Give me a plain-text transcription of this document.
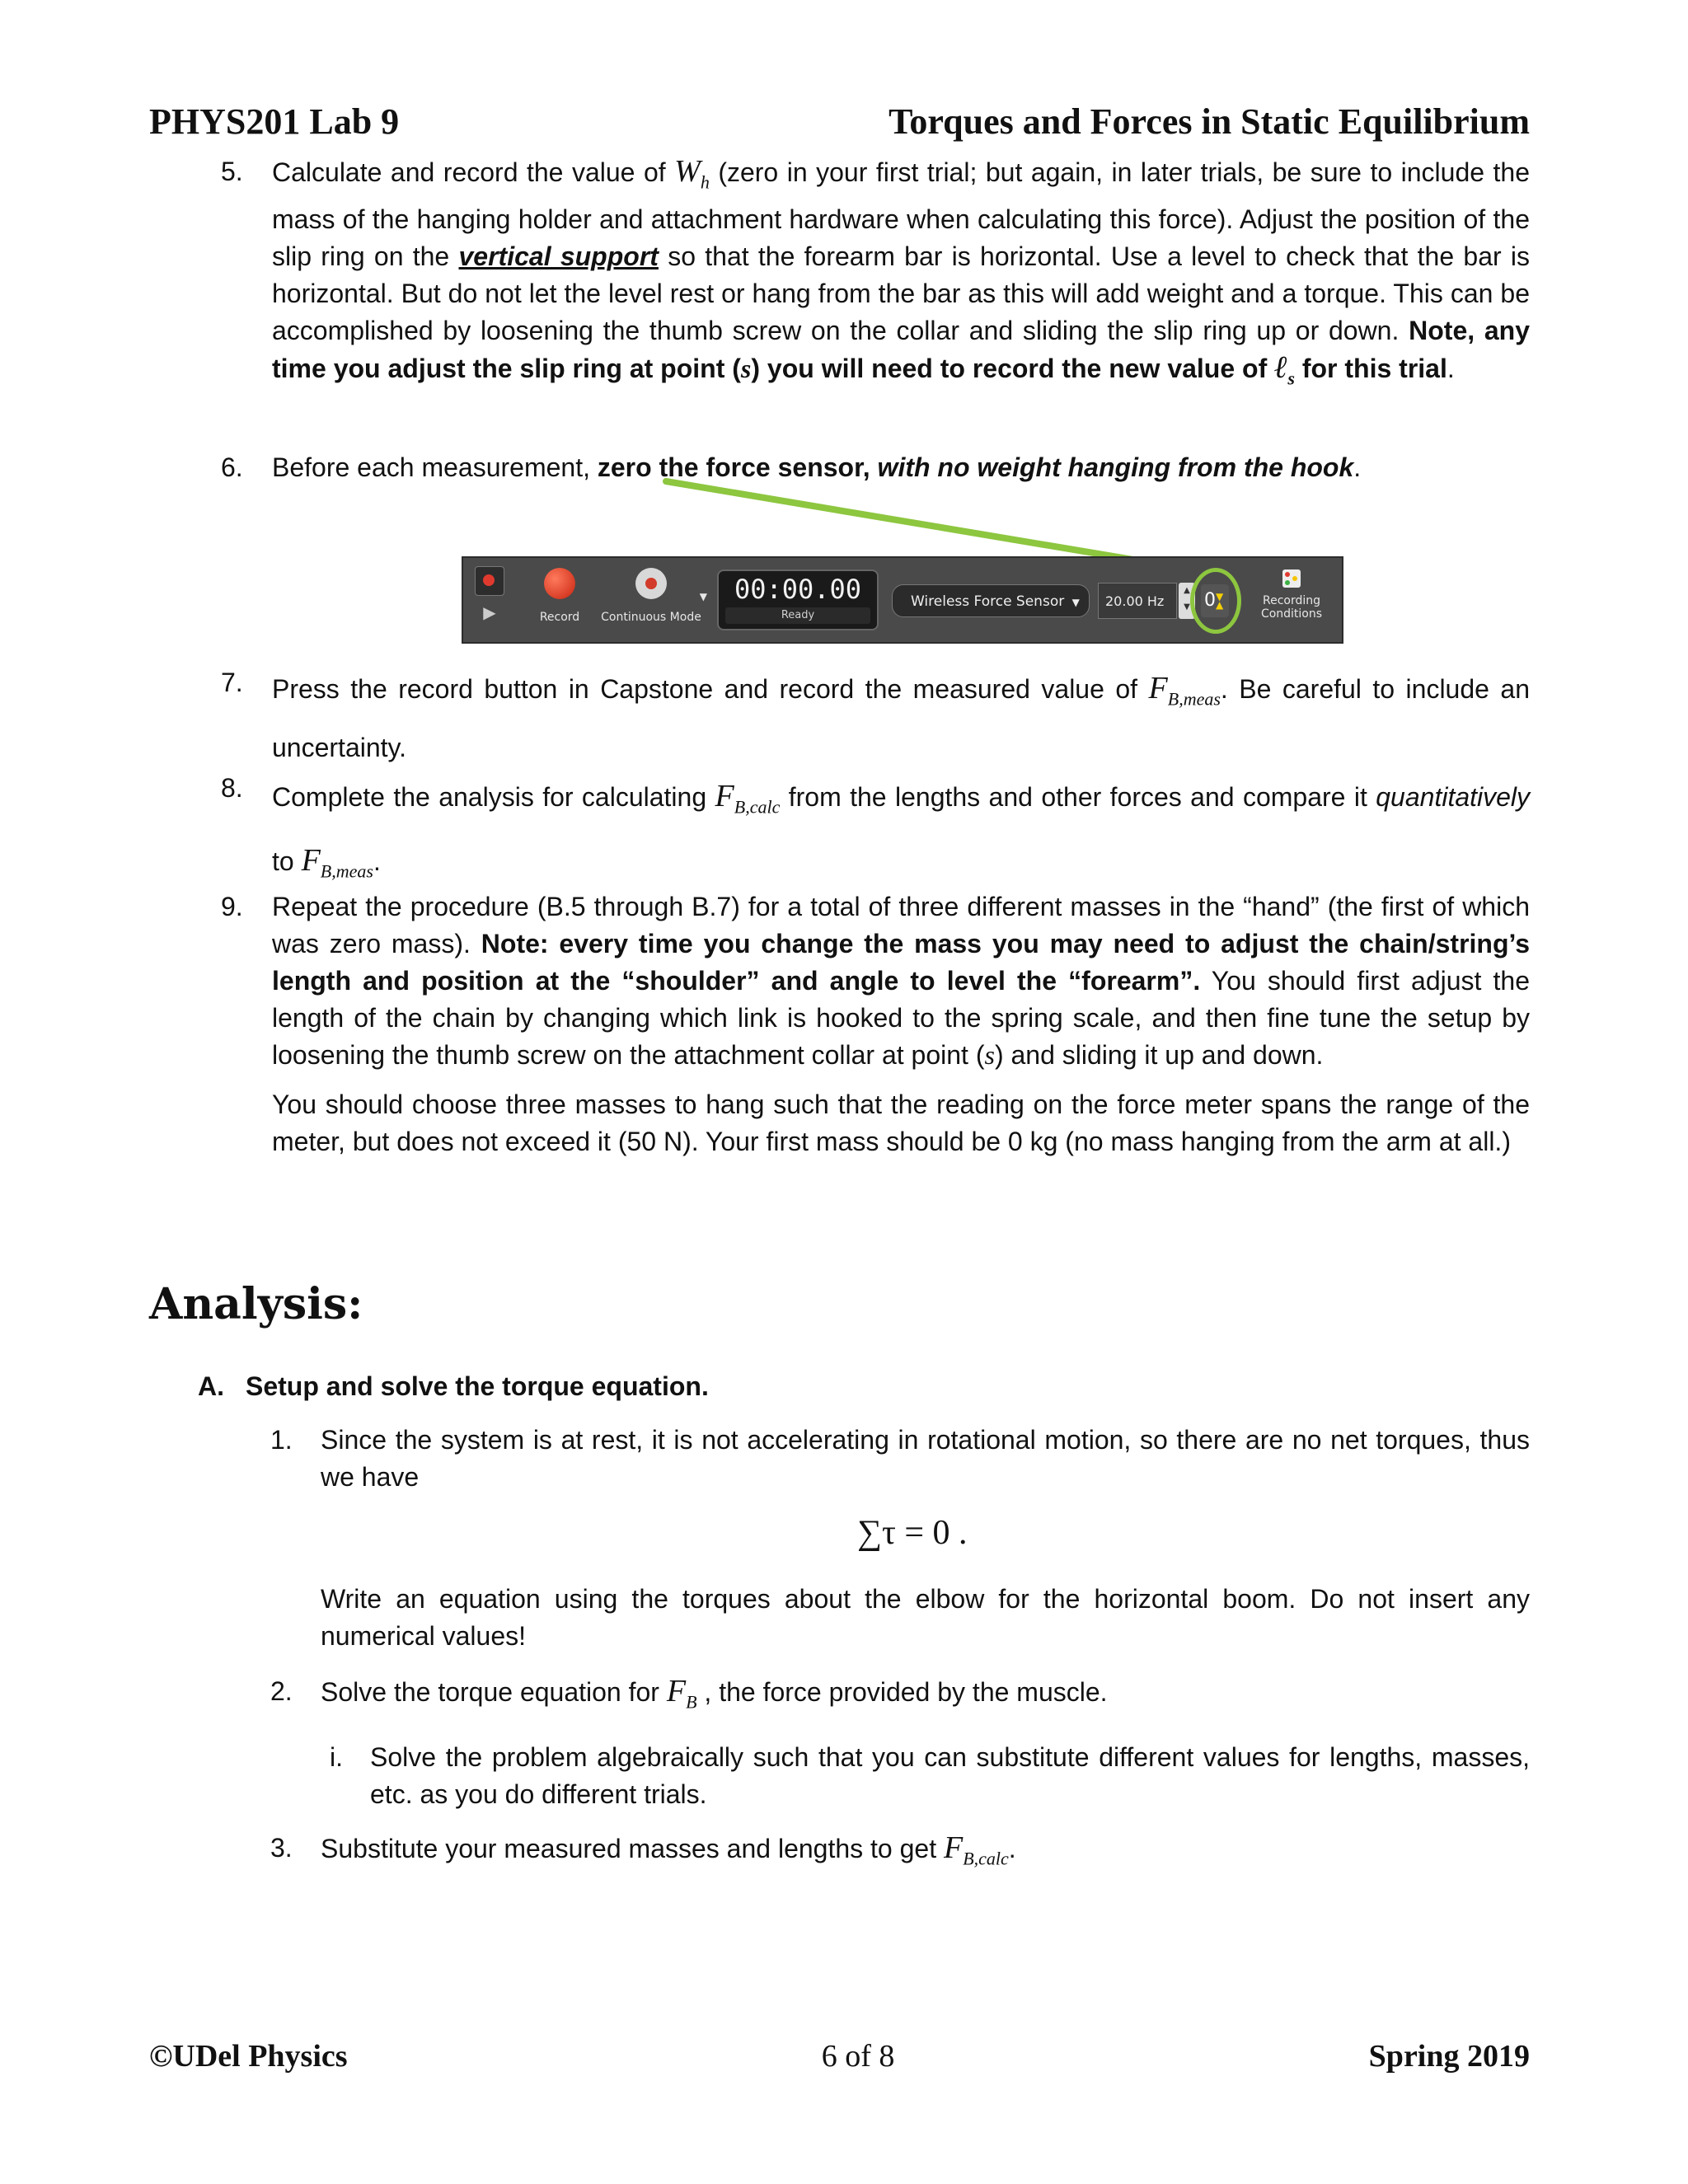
PHYS201 Lab 9	Torques and Forces in Static Equilibrium
5. Calculate and record the value of $W_h$ (zero in your first trial; but again, in later trials, be sure to include the mass of the hanging holder and attachment hardware when calculating this force). Adjust the position of the slip ring on the vertical support so that the forearm bar is horizontal. Use a level to check that the bar is horizontal. But do not let the level rest or hang from the bar as this will add weight and a torque. This can be accomplished by loosening the thumb screw on the collar and sliding the slip ring up or down. Note, any time you adjust the slip ring at point (s) you will need to record the new value of ℓ$_s$ for this trial.
6. Before each measurement, zero the force sensor, with no weight hanging from the hook.
▶	Record	Continuous Mode
▼	00:00.00
Ready
Wireless Force Sensor ▼	20.00 Hz
▲
▼ 0 ▼
▲	Recording
Conditions
7. Press the record button in Capstone and record the measured value of $F_{B,meas}$. Be careful to include an uncertainty.
8. Complete the analysis for calculating $F_{B,calc}$ from the lengths and other forces and compare it quantitatively to $F_{B,meas}$.
9. Repeat the procedure (B.5 through B.7) for a total of three different masses in the “hand” (the first of which was zero mass). Note: every time you change the mass you may need to adjust the chain/string’s length and position at the “shoulder” and angle to level the “forearm”. You should first adjust the length of the chain by changing which link is hooked to the spring scale, and then fine tune the setup by loosening the thumb screw on the attachment collar at point (s) and sliding it up and down.
You should choose three masses to hang such that the reading on the force meter spans the range of the meter, but does not exceed it (50 N). Your first mass should be 0 kg (no mass hanging from the arm at all.)
Analysis:
A. Setup and solve the torque equation.
1. Since the system is at rest, it is not accelerating in rotational motion, so there are no net torques, thus we have
∑τ = 0 .
Write an equation using the torques about the elbow for the horizontal boom. Do not insert any numerical values!
2. Solve the torque equation for $F_B$ , the force provided by the muscle.
i. Solve the problem algebraically such that you can substitute different values for lengths, masses, etc. as you do different trials.
3. Substitute your measured masses and lengths to get $F_{B,calc}$.
©UDel Physics	6 of 8	Spring 2019
